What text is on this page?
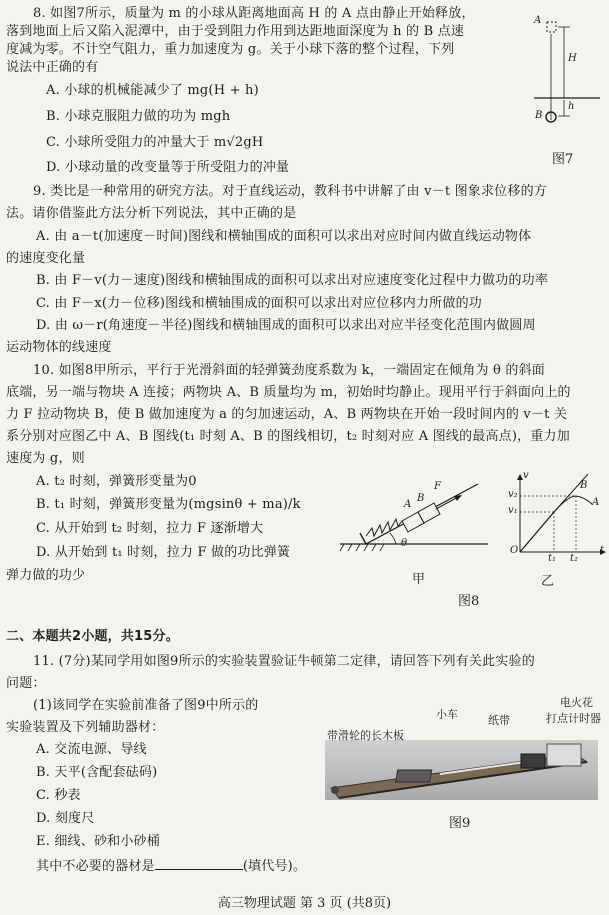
8. 如图7所示，质量为 m 的小球从距离地面高 H 的 A 点由静止开始释放，
落到地面上后又陷入泥潭中，由于受到阻力作用到达距地面深度为 h 的 B 点速
度减为零。不计空气阻力，重力加速度为 g。关于小球下落的整个过程，下列
说法中正确的有
A. 小球的机械能减少了 mg(H + h)
B. 小球克服阻力做的功为 mgh
C. 小球所受阻力的冲量大于 m√2gH
D. 小球动量的改变量等于所受阻力的冲量
A
H
h
B
图7
9. 类比是一种常用的研究方法。对于直线运动，教科书中讲解了由 v－t 图象求位移的方
法。请你借鉴此方法分析下列说法，其中正确的是
A. 由 a－t(加速度－时间)图线和横轴围成的面积可以求出对应时间内做直线运动物体
的速度变化量
B. 由 F－v(力－速度)图线和横轴围成的面积可以求出对应速度变化过程中力做功的功率
C. 由 F－x(力－位移)图线和横轴围成的面积可以求出对应位移内力所做的功
D. 由 ω－r(角速度－半径)图线和横轴围成的面积可以求出对应半径变化范围内做圆周
运动物体的线速度
10. 如图8甲所示，平行于光滑斜面的轻弹簧劲度系数为 k，一端固定在倾角为 θ 的斜面
底端，另一端与物块 A 连接；两物块 A、B 质量均为 m，初始时均静止。现用平行于斜面向上的
力 F 拉动物块 B，使 B 做加速度为 a 的匀加速运动，A、B 两物块在开始一段时间内的 v－t 关
系分别对应图乙中 A、B 图线(t₁ 时刻 A、B 的图线相切，t₂ 时刻对应 A 图线的最高点)，重力加
速度为 g，则
A. t₂ 时刻，弹簧形变量为0
B. t₁ 时刻，弹簧形变量为(mgsinθ + ma)/k
C. 从开始到 t₂ 时刻，拉力 F 逐渐增大
D. 从开始到 t₁ 时刻，拉力 F 做的功比弹簧
弹力做的功少
F
A
B
θ
甲
v
O	t
v₂
v₁
t₁ t₂
B
A
乙
图8
二、本题共2小题，共15分。
11. (7分)某同学用如图9所示的实验装置验证牛顿第二定律，请回答下列有关此实验的
问题：
(1)该同学在实验前准备了图9中所示的
实验装置及下列辅助器材：
A. 交流电源、导线
B. 天平(含配套砝码)
C. 秒表
D. 刻度尺
E. 细线、砂和小砂桶
其中不必要的器材是	(填代号)。
带滑轮的长木板
小车	纸带
电火花
打点计时器
图9
高三物理试题 第 3 页 (共8页)
